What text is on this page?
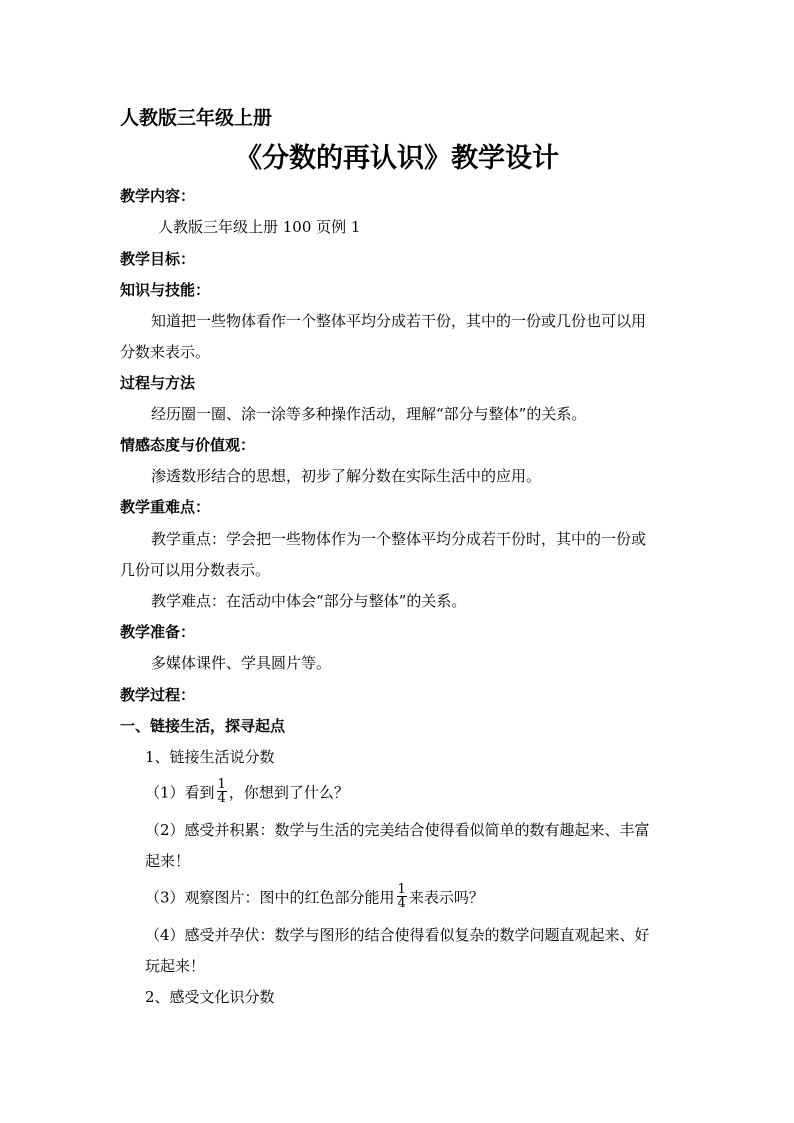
人教版三年级上册
《分数的再认识》教学设计
教学内容：
人教版三年级上册 100 页例 1
教学目标：
知识与技能：
知道把一些物体看作一个整体平均分成若干份，其中的一份或几份也可以用
分数来表示。
过程与方法
经历圈一圈、涂一涂等多种操作活动，理解“部分与整体”的关系。
情感态度与价值观：
渗透数形结合的思想，初步了解分数在实际生活中的应用。
教学重难点：
教学重点：学会把一些物体作为一个整体平均分成若干份时，其中的一份或
几份可以用分数表示。
教学难点：在活动中体会“部分与整体”的关系。
教学准备：
多媒体课件、学具圆片等。
教学过程：
一、链接生活，探寻起点
1、链接生活说分数
（1）看到 $\frac{1}{4}$ ，你想到了什么？
（2）感受并积累：数学与生活的完美结合使得看似简单的数有趣起来、丰富
起来！
（3）观察图片：图中的红色部分能用 $\frac{1}{4}$ 来表示吗？
（4）感受并孕伏：数学与图形的结合使得看似复杂的数学问题直观起来、好
玩起来！
2、感受文化识分数
